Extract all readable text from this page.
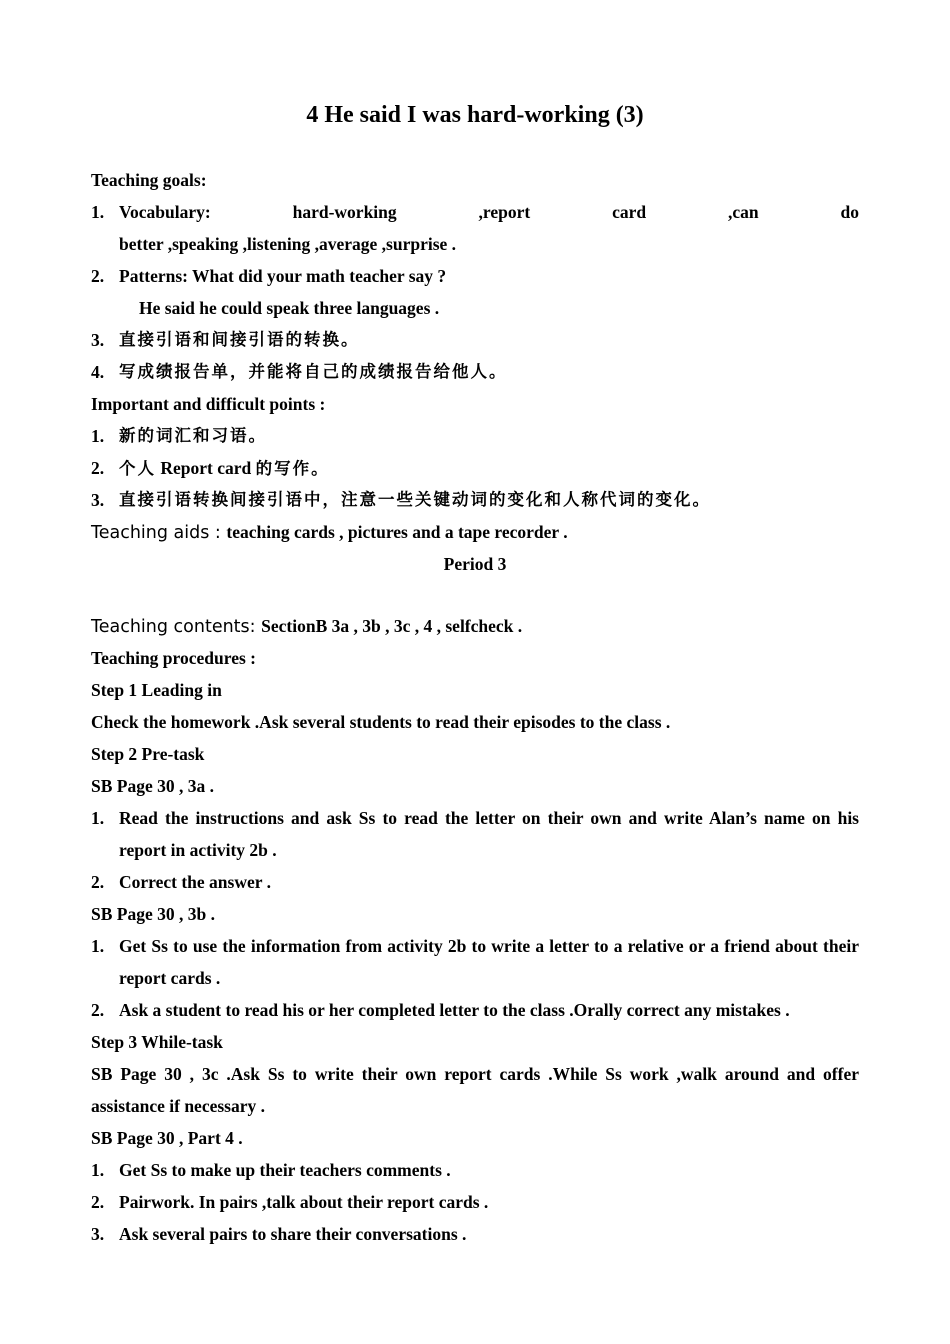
4 He said I was hard-working (3)
Teaching goals:
1. Vocabulary:	hard-working	,report	card	,can	do
better ,speaking ,listening ,average ,surprise .
2. Patterns: What did your math teacher say ?
He said he could speak three languages .
3. 直接引语和间接引语的转换。
4. 写成绩报告单，并能将自己的成绩报告给他人。
Important and difficult points :
1. 新的词汇和习语。
2. 个人 Report card 的写作。
3. 直接引语转换间接引语中，注意一些关键动词的变化和人称代词的变化。
Teaching aids : teaching cards , pictures and a tape recorder .
Period 3
Teaching contents: SectionB 3a , 3b , 3c , 4 , selfcheck .
Teaching procedures :
Step 1 Leading in
Check the homework .Ask several students to read their episodes to the class .
Step 2 Pre-task
SB Page 30 , 3a .
1. Read the instructions and ask Ss to read the letter on their own and write Alan’s name on his report in activity 2b .
2. Correct the answer .
SB Page 30 , 3b .
1. Get Ss to use the information from activity 2b to write a letter to a relative or a friend about their report cards .
2. Ask a student to read his or her completed letter to the class .Orally correct any mistakes .
Step 3 While-task
SB Page 30 , 3c .Ask Ss to write their own report cards .While Ss work ,walk around and offer assistance if necessary .
SB Page 30 , Part 4 .
1. Get Ss to make up their teachers comments .
2. Pairwork. In pairs ,talk about their report cards .
3. Ask several pairs to share their conversations .
